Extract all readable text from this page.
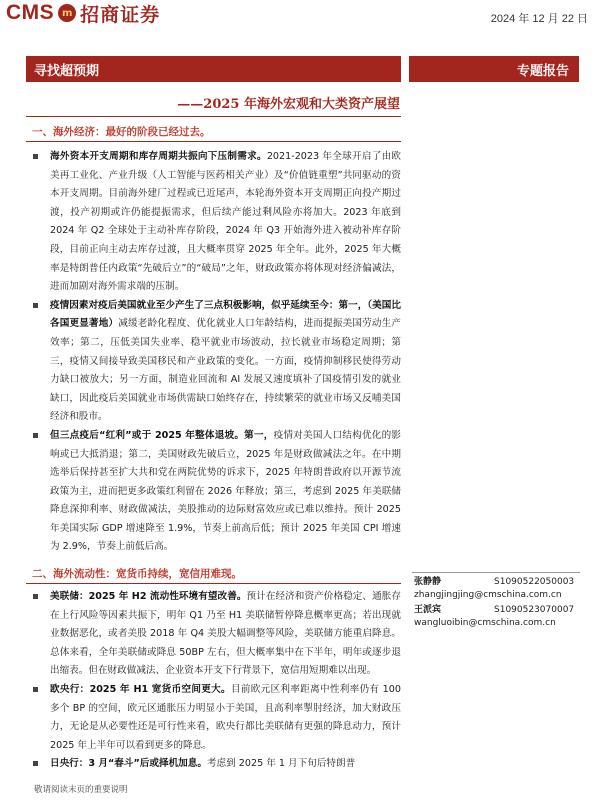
CMS m 招商证券	2024 年 12 月 22 日
寻找超预期	专题报告
——2025 年海外宏观和大类资产展望
一、海外经济：最好的阶段已经过去。

海外资本开支周期和库存周期共振向下压制需求。2021-2023 年全球开启了由欧美再工业化、产业升级（人工智能与医药相关产业）及“价值链重塑”共同驱动的资本开支周期。目前海外建厂过程或已近尾声，本轮海外资本开支周期正向投产期过渡，投产初期或许仍能提振需求，但后续产能过剩风险亦将加大。2023 年底到 2024 年 Q2 全球处于主动补库存阶段，2024 年 Q3 开始海外进入被动补库存阶段，目前正向主动去库存过渡，且大概率贯穿 2025 年全年。此外，2025 年大概率是特朗普任内政策“先破后立”的“破局”之年，财政政策亦将体现对经济偏减法，进而加剧对海外需求端的压制。

疫情因素对疫后美国就业至少产生了三点积极影响，似乎延续至今：第一，（美国比各国更显著地）减缓老龄化程度、优化就业人口年龄结构，进而提振美国劳动生产效率；第二，压低美国失业率、稳平就业市场波动，拉长就业市场稳定周期；第三，疫情又间接导致美国移民和产业政策的变化。一方面，疫情抑制移民使得劳动力缺口被放大；另一方面，制造业回流和 AI 发展又速度填补了国疫情引发的就业缺口，因此疫后美国就业市场供需缺口始终存在，持续繁荣的就业市场又反哺美国经济和股市。

但三点疫后“红利”或于 2025 年整体退坡。第一，疫情对美国人口结构优化的影响或已大抵消退；第二，美国财政先破后立，2025 年是财政做减法之年。在中期选举后保持甚至扩大共和党在两院优势的诉求下，2025 年特朗普政府以开源节流政策为主，进而把更多政策红利留在 2026 年释放；第三，考虑到 2025 年美联储降息深抑利率、财政做减法，美股推动的边际财富效应或已难以维持。预计 2025 年美国实际 GDP 增速降至 1.9%，节奏上前高后低；预计 2025 年美国 CPI 增速为 2.9%，节奏上前低后高。

二、海外流动性：宽货币持续，宽信用难现。

美联储：2025 年 H2 流动性环境有望改善。预计在经济和资产价格稳定、通胀存在上行风险等因素共振下，明年 Q1 乃至 H1 美联储暂停降息概率更高；若出现就业数据恶化，或者美股 2018 年 Q4 美股大幅调整等风险，美联储方能重启降息。总体来看，全年美联储或降息 50BP 左右，但大概率集中在下半年，明年或逐步退出缩表。但在财政做减法、企业资本开支下行背景下，宽信用短期难以出现。

欧央行：2025 年 H1 宽货币空间更大。目前欧元区利率距离中性利率仍有 100 多个 BP 的空间，欧元区通胀压力明显小于美国，且高利率掣肘经济，加大财政压力，无论是从必要性还是可行性来看，欧央行都比美联储有更强的降息动力，预计 2025 年上半年可以看到更多的降息。

日央行：3 月“春斗”后或择机加息。考虑到 2025 年 1 月下旬后特朗普

张静静	S1090522050003
zhangjingjing@cmschina.com.cn
王派宾	S1090523070007
wangluoibin@cmschina.com.cn
敬请阅读末页的重要说明
